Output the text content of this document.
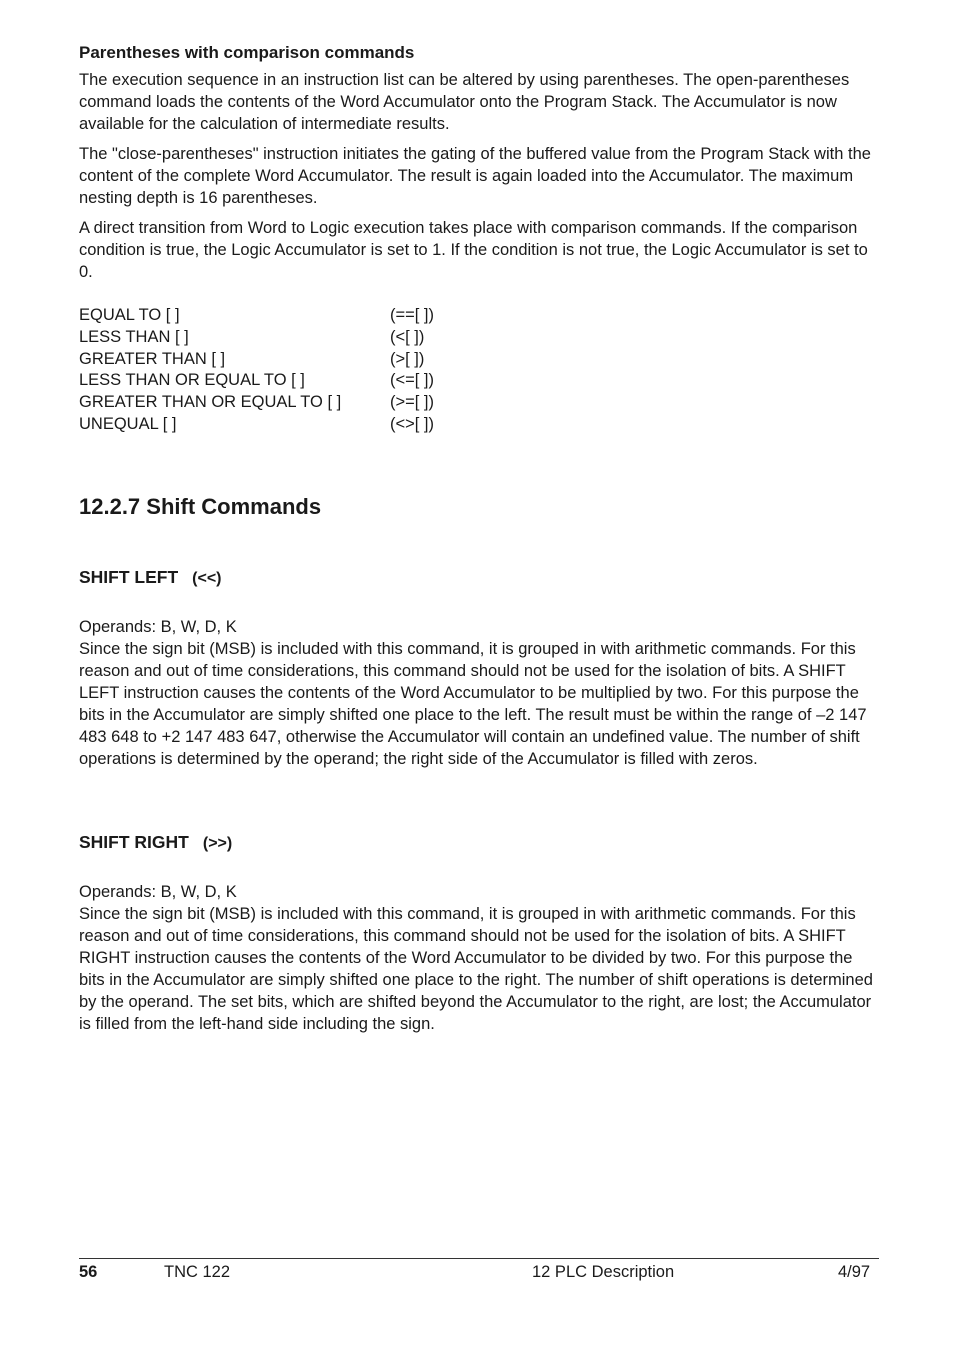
Parentheses with comparison commands

The execution sequence in an instruction list can be altered by using parentheses. The open-parentheses command loads the contents of the Word Accumulator onto the Program Stack. The Accumulator is now available for the calculation of intermediate results.

The "close-parentheses" instruction initiates the gating of the buffered value from the Program Stack with the content of the complete Word Accumulator. The result is again loaded into the Accumulator. The maximum nesting depth is 16 parentheses.

A direct transition from Word to Logic execution takes place with comparison commands. If the comparison condition is true, the Logic Accumulator is set to 1. If the condition is not true, the Logic Accumulator is set to 0.

EQUAL TO [ ]	(==[ ])
LESS THAN [ ]	(<[ ])
GREATER THAN [ ]	(>[ ])
LESS THAN OR EQUAL TO [ ]	(<=[ ])
GREATER THAN OR EQUAL TO [ ]	(>=[ ])
UNEQUAL [ ]	(<>[ ])
12.2.7 Shift Commands
SHIFT LEFT (<<)

Operands: B, W, D, K

Since the sign bit (MSB) is included with this command, it is grouped in with arithmetic commands. For this reason and out of time considerations, this command should not be used for the isolation of bits. A SHIFT LEFT instruction causes the contents of the Word Accumulator to be multiplied by two. For this purpose the bits in the Accumulator are simply shifted one place to the left. The result must be within the range of –2 147 483 648 to +2 147 483 647, otherwise the Accumulator will contain an undefined value. The number of shift operations is determined by the operand; the right side of the Accumulator is filled with zeros.

SHIFT RIGHT (>>)

Operands: B, W, D, K

Since the sign bit (MSB) is included with this command, it is grouped in with arithmetic commands. For this reason and out of time considerations, this command should not be used for the isolation of bits. A SHIFT RIGHT instruction causes the contents of the Word Accumulator to be divided by two. For this purpose the bits in the Accumulator are simply shifted one place to the right. The number of shift operations is determined by the operand. The set bits, which are shifted beyond the Accumulator to the right, are lost; the Accumulator is filled from the left-hand side including the sign.

56	TNC 122	12 PLC Description	4/97
